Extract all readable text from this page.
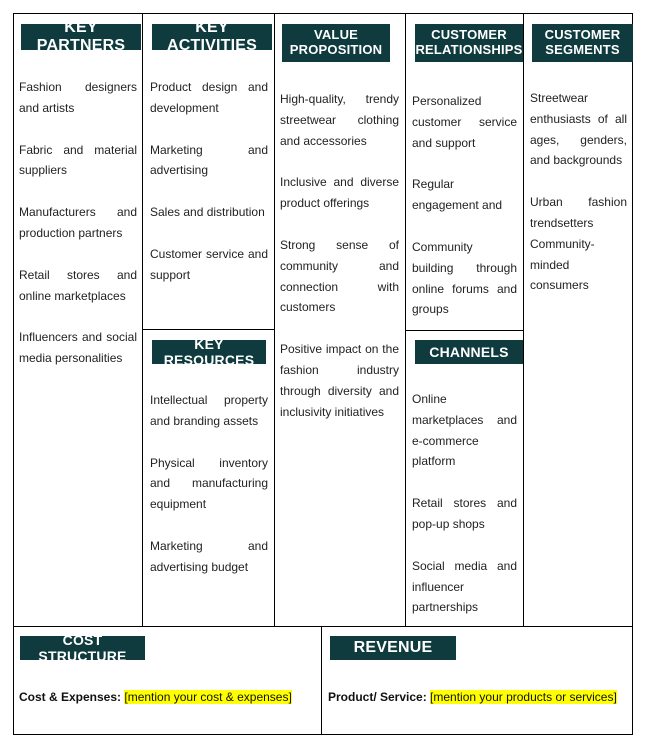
KEY PARTNERS

Fashion designers and artists

Fabric and material suppliers

Manufacturers and production partners

Retail stores and online marketplaces

Influencers and social media personalities

KEY ACTIVITIES

Product design and development

Marketing and advertising

Sales and distribution

Customer service and support

KEY RESOURCES

Intellectual property and branding assets

Physical inventory and manufacturing equipment

Marketing and advertising budget

VALUE
PROPOSITION

High-quality, trendy streetwear clothing and accessories

Inclusive and diverse product offerings

Strong sense of community and connection with customers

Positive impact on the fashion industry through diversity and inclusivity initiatives

CUSTOMER
RELATIONSHIPS

Personalized customer service and support

Regular engagement and

Community building through online forums and groups

CHANNELS

Online marketplaces and e-commerce platform

Retail stores and pop-up shops

Social media and influencer partnerships

CUSTOMER
SEGMENTS

Streetwear enthusiasts of all ages, genders, and backgrounds

Urban fashion trendsetters Community-minded consumers

COST STRUCTURE
Cost & Expenses: [mention your cost & expenses]
REVENUE
Product/ Service: [mention your products or services]
